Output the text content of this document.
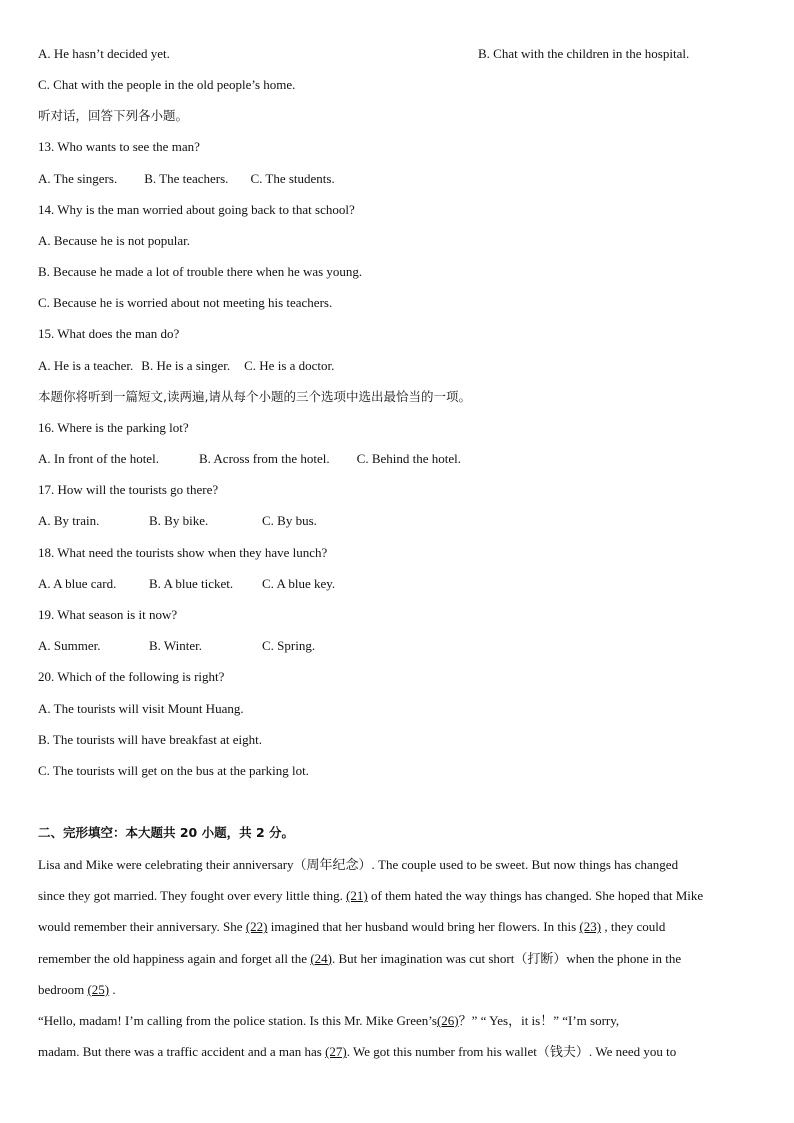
A. He hasn’t decided yet.	B. Chat with the children in the hospital.
C. Chat with the people in the old people’s home.
听对话，回答下列各小题。
13. Who wants to see the man?
A. The singers. B. The teachers. C. The students.
14. Why is the man worried about going back to that school?
A. Because he is not popular.
B. Because he made a lot of trouble there when he was young.
C. Because he is worried about not meeting his teachers.
15. What does the man do?
A. He is a teacher. B. He is a singer. C. He is a doctor.
本题你将听到一篇短文,读两遍,请从每个小题的三个选项中选出最恰当的一项。
16. Where is the parking lot?
A. In front of the hotel.	B. Across from the hotel. C. Behind the hotel.
17. How will the tourists go there?
A. By train.	B. By bike.	C. By bus.
18. What need the tourists show when they have lunch?
A. A blue card.	B. A blue ticket. C. A blue key.
19. What season is it now?
A. Summer.	B. Winter.	C. Spring.
20. Which of the following is right?
A. The tourists will visit Mount Huang.
B. The tourists will have breakfast at eight.
C. The tourists will get on the bus at the parking lot.
二、完形填空：本大题共 20 小题，共 2 分。

Lisa and Mike were celebrating their anniversary（周年纪念）. The couple used to be sweet. But now things has changed

since they got married. They fought over every little thing. (21) of them hated the way things has changed. She hoped that Mike

would remember their anniversary. She (22) imagined that her husband would bring her flowers. In this (23) , they could

remember the old happiness again and forget all the (24). But her imagination was cut short（打断）when the phone in the

bedroom (25) .

“Hello, madam! I’m calling from the police station. Is this Mr. Mike Green’s(26)？” “ Yes，it is！” “I’m sorry,

madam. But there was a traffic accident and a man has (27). We got this number from his wallet（钱夫）. We need you to
